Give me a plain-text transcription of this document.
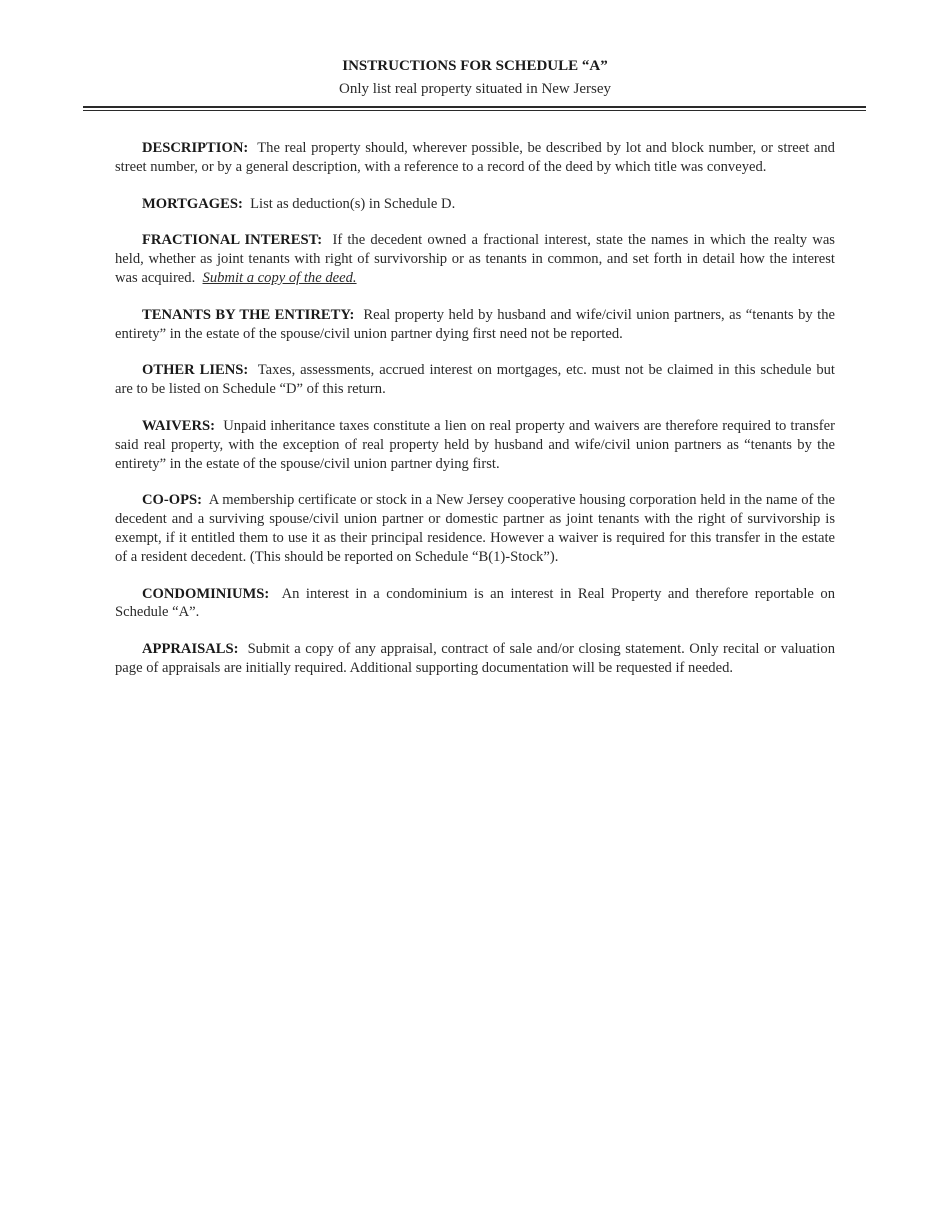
INSTRUCTIONS FOR SCHEDULE “A”
Only list real property situated in New Jersey

DESCRIPTION: The real property should, wherever possible, be described by lot and block number, or street and street number, or by a general description, with a reference to a record of the deed by which title was conveyed.

MORTGAGES: List as deduction(s) in Schedule D.

FRACTIONAL INTEREST: If the decedent owned a fractional interest, state the names in which the realty was held, whether as joint tenants with right of survivorship or as tenants in common, and set forth in detail how the interest was acquired. Submit a copy of the deed.

TENANTS BY THE ENTIRETY: Real property held by husband and wife/civil union partners, as “tenants by the entirety” in the estate of the spouse/civil union partner dying first need not be reported.

OTHER LIENS: Taxes, assessments, accrued interest on mortgages, etc. must not be claimed in this schedule but are to be listed on Schedule “D” of this return.

WAIVERS: Unpaid inheritance taxes constitute a lien on real property and waivers are therefore required to transfer said real property, with the exception of real property held by husband and wife/civil union partners as “tenants by the entirety” in the estate of the spouse/civil union partner dying first.

CO-OPS: A membership certificate or stock in a New Jersey cooperative housing corporation held in the name of the decedent and a surviving spouse/civil union partner or domestic partner as joint tenants with the right of survivorship is exempt, if it entitled them to use it as their principal residence. However a waiver is required for this transfer in the estate of a resident decedent. (This should be reported on Schedule “B(1)-Stock”).

CONDOMINIUMS: An interest in a condominium is an interest in Real Property and therefore reportable on Schedule “A”.

APPRAISALS: Submit a copy of any appraisal, contract of sale and/or closing statement. Only recital or valuation page of appraisals are initially required. Additional supporting documentation will be requested if needed.
